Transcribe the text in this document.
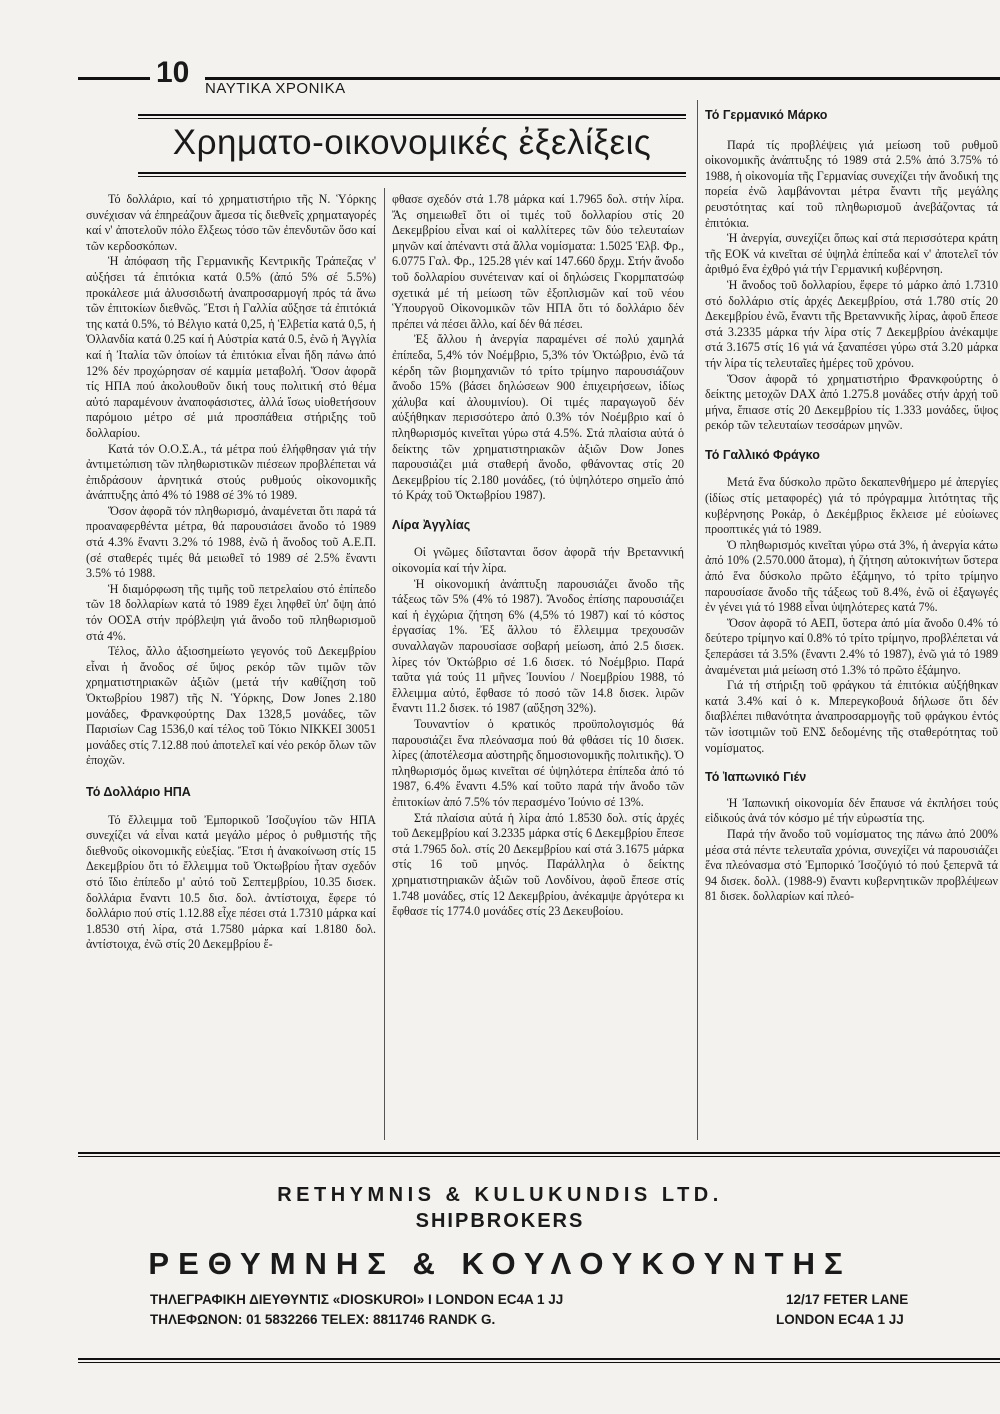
10 ΝΑΥΤΙΚΑ ΧΡΟΝΙΚΑ
Χρηματο-οικονομικές ἐξελίξεις

Τό δολλάριο, καί τό χρηματιστήριο τῆς Ν. Ὑόρκης συνέχισαν νά ἐπηρεάζουν ἄμεσα τίς διεθνεῖς χρηματαγορές καί ν' ἀποτελοῦν πόλο ἕλξεως τόσο τῶν ἐπενδυτῶν ὅσο καί τῶν κερδοσκόπων.

Ἡ ἀπόφαση τῆς Γερμανικῆς Κεντρικῆς Τράπεζας ν' αὐξήσει τά ἐπιτόκια κατά 0.5% (ἀπό 5% σέ 5.5%) προκάλεσε μιά ἀλυσσιδωτή ἀναπροσαρμογή πρός τά ἄνω τῶν ἐπιτοκίων διεθνῶς. Ἔτσι ἡ Γαλλία αὔξησε τά ἐπιτόκιά της κατά 0.5%, τό Βέλγιο κατά 0,25, ἡ Ἑλβετία κατά 0,5, ἡ Ὁλλανδία κατά 0.25 καί ἡ Αὐστρία κατά 0.5, ἐνῶ ἡ Ἀγγλία καί ἡ Ἰταλία τῶν ὁποίων τά ἐπιτόκια εἶναι ἤδη πάνω ἀπό 12% δέν προχώρησαν σέ καμμία μεταβολή. Ὅσον ἀφορᾶ τίς ΗΠΑ πού ἀκολουθοῦν δική τους πολιτική στό θέμα αὐτό παραμένουν ἀναποφάσιστες, ἀλλά ἴσως υἱοθετήσουν παρόμοιο μέτρο σέ μιά προσπάθεια στήριξης τοῦ δολλαρίου.

Κατά τόν Ο.Ο.Σ.Α., τά μέτρα πού ἐλήφθησαν γιά τήν ἀντιμετώπιση τῶν πληθωριστικῶν πιέσεων προβλέπεται νά ἐπιδράσουν ἀρνητικά στούς ρυθμούς οἰκονομικῆς ἀνάπτυξης ἀπό 4% τό 1988 σέ 3% τό 1989.

Ὅσον ἀφορᾶ τόν πληθωρισμό, ἀναμένεται ὅτι παρά τά προαναφερθέντα μέτρα, θά παρουσιάσει ἄνοδο τό 1989 στά 4.3% ἔναντι 3.2% τό 1988, ἐνῶ ἡ ἄνοδος τοῦ Α.Ε.Π. (σέ σταθερές τιμές θά μειωθεῖ τό 1989 σέ 2.5% ἔναντι 3.5% τό 1988.

Ἡ διαμόρφωση τῆς τιμῆς τοῦ πετρελαίου στό ἐπίπεδο τῶν 18 δολλαρίων κατά τό 1989 ἔχει ληφθεῖ ὑπ' ὄψη ἀπό τόν ΟΟΣΑ στήν πρόβλεψη γιά ἄνοδο τοῦ πληθωρισμοῦ στά 4%.

Τέλος, ἄλλο ἀξιοσημείωτο γεγονός τοῦ Δεκεμβρίου εἶναι ἡ ἄνοδος σέ ὕψος ρεκόρ τῶν τιμῶν τῶν χρηματιστηριακῶν ἀξιῶν (μετά τήν καθίζηση τοῦ Ὀκτωβρίου 1987) τῆς Ν. Ὑόρκης, Dow Jones 2.180 μονάδες, Φρανκφούρτης Dax 1328,5 μονάδες, τῶν Παρισίων Cag 1536,0 καί τέλος τοῦ Τόκιο ΝΙΚΚΕΙ 30051 μονάδες στίς 7.12.88 πού ἀποτελεῖ καί νέο ρεκόρ ὅλων τῶν ἐποχῶν.

Τό Δολλάριο ΗΠΑ

Τό ἔλλειμμα τοῦ Ἐμπορικοῦ Ἰσοζυγίου τῶν ΗΠΑ συνεχίζει νά εἶναι κατά μεγάλο μέρος ὁ ρυθμιστής τῆς διεθνοῦς οἰκονομικῆς εὐεξίας. Ἔτσι ἡ ἀνακοίνωση στίς 15 Δεκεμβρίου ὅτι τό ἔλλειμμα τοῦ Ὀκτωβρίου ἦταν σχεδόν στό ἴδιο ἐπίπεδο μ' αὐτό τοῦ Σεπτεμβρίου, 10.35 δισεκ. δολλάρια ἔναντι 10.5 δισ. δολ. ἀντίστοιχα, ἔφερε τό δολλάριο πού στίς 1.12.88 εἶχε πέσει στά 1.7310 μάρκα καί 1.8530 στή λίρα, στά 1.7580 μάρκα καί 1.8180 δολ. ἀντίστοιχα, ἐνῶ στίς 20 Δεκεμβρίου ἔ-

φθασε σχεδόν στά 1.78 μάρκα καί 1.7965 δολ. στήν λίρα. Ἄς σημειωθεῖ ὅτι οἱ τιμές τοῦ δολλαρίου στίς 20 Δεκεμβρίου εἶναι καί οἱ καλλίτερες τῶν δύο τελευταίων μηνῶν καί ἀπέναντι στά ἄλλα νομίσματα: 1.5025 Ἑλβ. Φρ., 6.0775 Γαλ. Φρ., 125.28 γιέν καί 147.660 δρχμ. Στήν ἄνοδο τοῦ δολλαρίου συνέτειναν καί οἱ δηλώσεις Γκορμπατσώφ σχετικά μέ τή μείωση τῶν ἐξοπλισμῶν καί τοῦ νέου Ὑπουργοῦ Οἰκονομικῶν τῶν ΗΠΑ ὅτι τό δολλάριο δέν πρέπει νά πέσει ἄλλο, καί δέν θά πέσει.

Ἐξ ἄλλου ἡ ἀνεργία παραμένει σέ πολύ χαμηλά ἐπίπεδα, 5,4% τόν Νοέμβριο, 5,3% τόν Ὀκτώβριο, ἐνῶ τά κέρδη τῶν βιομηχανιῶν τό τρίτο τρίμηνο παρουσιάζουν ἄνοδο 15% (βάσει δηλώσεων 900 ἐπιχειρήσεων, ἰδίως χάλυβα καί ἀλουμινίου). Οἱ τιμές παραγωγοῦ δέν αὐξήθηκαν περισσότερο ἀπό 0.3% τόν Νοέμβριο καί ὁ πληθωρισμός κινεῖται γύρω στά 4.5%. Στά πλαίσια αὐτά ὁ δείκτης τῶν χρηματιστηριακῶν ἀξιῶν Dow Jones παρουσιάζει μιά σταθερή ἄνοδο, φθάνοντας στίς 20 Δεκεμβρίου τίς 2.180 μονάδες, (τό ὑψηλότερο σημεῖο ἀπό τό Κράχ τοῦ Ὀκτωβρίου 1987).

Λίρα Ἀγγλίας

Οἱ γνῶμες διΐστανται ὅσον ἀφορᾶ τήν Βρεταννική οἰκονομία καί τήν λίρα.

Ἡ οἰκονομική ἀνάπτυξη παρουσιάζει ἄνοδο τῆς τάξεως τῶν 5% (4% τό 1987). Ἄνοδος ἐπίσης παρουσιάζει καί ἡ ἐγχώρια ζήτηση 6% (4,5% τό 1987) καί τό κόστος ἐργασίας 1%. Ἐξ ἄλλου τό ἔλλειμμα τρεχουσῶν συναλλαγῶν παρουσίασε σοβαρή μείωση, ἀπό 2.5 δισεκ. λίρες τόν Ὀκτώβριο σέ 1.6 δισεκ. τό Νοέμβριο. Παρά ταῦτα γιά τούς 11 μῆνες Ἰουνίου / Νοεμβρίου 1988, τό ἔλλειμμα αὐτό, ἔφθασε τό ποσό τῶν 14.8 δισεκ. λιρῶν ἔναντι 11.2 δισεκ. τό 1987 (αὔξηση 32%).

Τουναντίον ὁ κρατικός προϋπολογισμός θά παρουσιάζει ἕνα πλεόνασμα πού θά φθάσει τίς 10 δισεκ. λίρες (ἀποτέλεσμα αὐστηρῆς δημοσιονομικῆς πολιτικῆς). Ὁ πληθωρισμός ὅμως κινεῖται σέ ὑψηλότερα ἐπίπεδα ἀπό τό 1987, 6.4% ἔναντι 4.5% καί τοῦτο παρά τήν ἄνοδο τῶν ἐπιτοκίων ἀπό 7.5% τόν περασμένο Ἰούνιο σέ 13%.

Στά πλαίσια αὐτά ἡ λίρα ἀπό 1.8530 δολ. στίς ἀρχές τοῦ Δεκεμβρίου καί 3.2335 μάρκα στίς 6 Δεκεμβρίου ἔπεσε στά 1.7965 δολ. στίς 20 Δεκεμβρίου καί στά 3.1675 μάρκα στίς 16 τοῦ μηνός. Παράλληλα ὁ δείκτης χρηματιστηριακῶν ἀξιῶν τοῦ Λονδίνου, ἀφοῦ ἔπεσε στίς 1.748 μονάδες, στίς 12 Δεκεμβρίου, ἀνέκαμψε ἀργότερα κι ἔφθασε τίς 1774.0 μονάδες στίς 23 Δεκευβοίου.

Τό Γερμανικό Μάρκο

Παρά τίς προβλέψεις γιά μείωση τοῦ ρυθμοῦ οἰκονομικῆς ἀνάπτυξης τό 1989 στά 2.5% ἀπό 3.75% τό 1988, ἡ οἰκονομία τῆς Γερμανίας συνεχίζει τήν ἄνοδική της πορεία ἐνῶ λαμβάνονται μέτρα ἔναντι τῆς μεγάλης ρευστότητας καί τοῦ πληθωρισμοῦ ἀνεβάζοντας τά ἐπιτόκια.

Ἡ ἀνεργία, συνεχίζει ὅπως καί στά περισσότερα κράτη τῆς ΕΟΚ νά κινεῖται σέ ὑψηλά ἐπίπεδα καί ν' ἀποτελεῖ τόν ἀριθμό ἕνα ἐχθρό γιά τήν Γερμανική κυβέρνηση.

Ἡ ἄνοδος τοῦ δολλαρίου, ἔφερε τό μάρκο ἀπό 1.7310 στό δολλάριο στίς ἀρχές Δεκεμβρίου, στά 1.780 στίς 20 Δεκεμβρίου ἐνῶ, ἔναντι τῆς Βρεταννικῆς λίρας, ἀφοῦ ἔπεσε στά 3.2335 μάρκα τήν λίρα στίς 7 Δεκεμβρίου ἀνέκαμψε στά 3.1675 στίς 16 γιά νά ξαναπέσει γύρω στά 3.20 μάρκα τήν λίρα τίς τελευταῖες ἡμέρες τοῦ χρόνου.

Ὅσον ἀφορᾶ τό χρηματιστήριο Φρανκφούρτης ὁ δείκτης μετοχῶν DAX ἀπό 1.275.8 μονάδες στήν ἀρχή τοῦ μήνα, ἔπιασε στίς 20 Δεκεμβρίου τίς 1.333 μονάδες, ὕψος ρεκόρ τῶν τελευταίων τεσσάρων μηνῶν.

Τό Γαλλικό Φράγκο

Μετά ἕνα δύσκολο πρῶτο δεκαπενθήμερο μέ ἀπεργίες (ἰδίως στίς μεταφορές) γιά τό πρόγραμμα λιτότητας τῆς κυβέρνησης Ροκάρ, ὁ Δεκέμβριος ἔκλεισε μέ εὐοίωνες προοπτικές γιά τό 1989.

Ὁ πληθωρισμός κινεῖται γύρω στά 3%, ἡ ἀνεργία κάτω ἀπό 10% (2.570.000 ἄτομα), ἡ ζήτηση αὐτοκινήτων ὕστερα ἀπό ἕνα δύσκολο πρῶτο ἑξάμηνο, τό τρίτο τρίμηνο παρουσίασε ἄνοδο τῆς τάξεως τοῦ 8.4%, ἐνῶ οἱ ἐξαγωγές ἐν γένει γιά τό 1988 εἶναι ὑψηλότερες κατά 7%.

Ὅσον ἀφορᾶ τό ΑΕΠ, ὕστερα ἀπό μία ἄνοδο 0.4% τό δεύτερο τρίμηνο καί 0.8% τό τρίτο τρίμηνο, προβλέπεται νά ξεπεράσει τά 3.5% (ἔναντι 2.4% τό 1987), ἐνῶ γιά τό 1989 ἀναμένεται μιά μείωση στό 1.3% τό πρῶτο ἑξάμηνο.

Γιά τή στήριξη τοῦ φράγκου τά ἐπιτόκια αὐξήθηκαν κατά 3.4% καί ὁ κ. Μπερεγκοβουά δήλωσε ὅτι δέν διαβλέπει πιθανότητα ἀναπροσαρμογῆς τοῦ φράγκου ἐντός τῶν ἰσοτιμιῶν τοῦ ΕΝΣ δεδομένης τῆς σταθερότητας τοῦ νομίσματος.

Τό Ἰαπωνικό Γιέν

Ἡ Ἰαπωνική οἰκονομία δέν ἔπαυσε νά ἐκπλήσει τούς εἰδικούς ἀνά τόν κόσμο μέ τήν εὐρωστία της.

Παρά τήν ἄνοδο τοῦ νομίσματος της πάνω ἀπό 200% μέσα στά πέντε τελευταῖα χρόνια, συνεχίζει νά παρουσιάζει ἕνα πλεόνασμα στό Ἐμπορικό Ἰσοζύγιό τό πού ξεπερνᾶ τά 94 δισεκ. δολλ. (1988-9) ἔναντι κυβερνητικῶν προβλέψεων 81 δισεκ. δολλαρίων καί πλεό-

RETHYMNIS & KULUKUNDIS LTD.
SHIPBROKERS
ΡΕΘΥΜΝΗΣ & ΚΟΥΛΟΥΚΟΥΝΤΗΣ
ΤΗΛΕΓΡΑΦΙΚΗ ΔΙΕΥΘΥΝΤΙΣ «DIOSKUROI» I LONDON EC4A 1 JJ
ΤΗΛΕΦΩΝΟΝ: 01 5832266 TELEX: 8811746 RANDK G.
12/17 FETER LANE
LONDON EC4A 1 JJ
